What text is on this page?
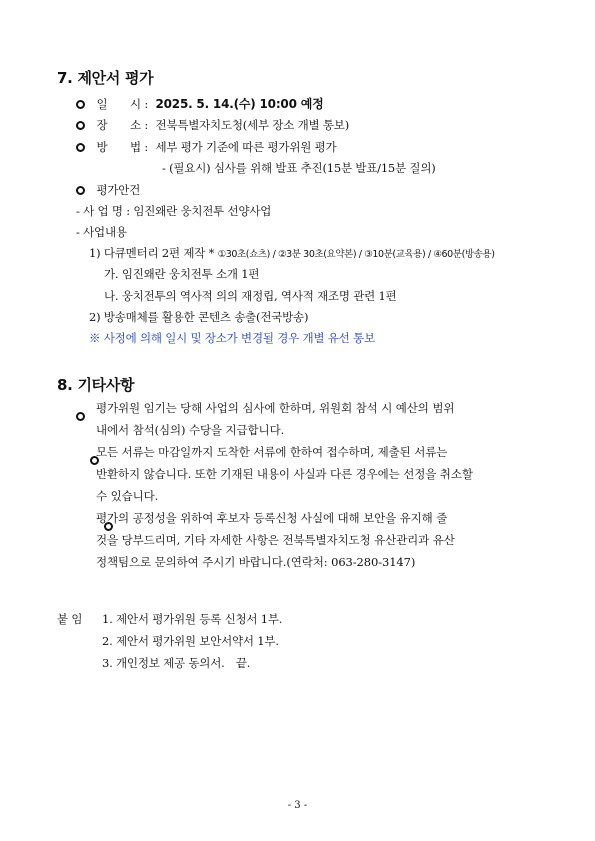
7. 제안서 평가
일　　시 : 2025. 5. 14.(수) 10:00 예정
장　　소 : 전북특별자치도청(세부 장소 개별 통보)
방　　법 : 세부 평가 기준에 따른 평가위원 평가
- (필요시) 심사를 위해 발표 추진(15분 발표/15분 질의)
평가안건
- 사 업 명 : 임진왜란 웅치전투 선양사업
- 사업내용
1) 다큐멘터리 2편 제작 * ①30초(쇼츠) / ②3분 30초(요약본) / ③10분(교육용) / ④60분(방송용)
가. 임진왜란 웅치전투 소개 1편
나. 웅치전투의 역사적 의의 재정립, 역사적 재조명 관련 1편
2) 방송매체를 활용한 콘텐츠 송출(전국방송)
※ 사정에 의해 일시 및 장소가 변경될 경우 개별 유선 통보
8. 기타사항

평가위원 임기는 당해 사업의 심사에 한하며, 위원회 참석 시 예산의 범위
내에서 참석(심의) 수당을 지급합니다.

모든 서류는 마감일까지 도착한 서류에 한하여 접수하며, 제출된 서류는
반환하지 않습니다. 또한 기재된 내용이 사실과 다른 경우에는 선정을 취소할
수 있습니다.
평가의 공정성을 위하여 후보자 등록신청 사실에 대해 보안을 유지해 줄
것을 당부드리며, 기타 자세한 사항은 전북특별자치도청 유산관리과 유산
정책팀으로 문의하여 주시기 바랍니다.(연락처: 063-280-3147)
붙 임 1. 제안서 평가위원 등록 신청서 1부.
2. 제안서 평가위원 보안서약서 1부.
3. 개인정보 제공 동의서.　끝.
- 3 -
